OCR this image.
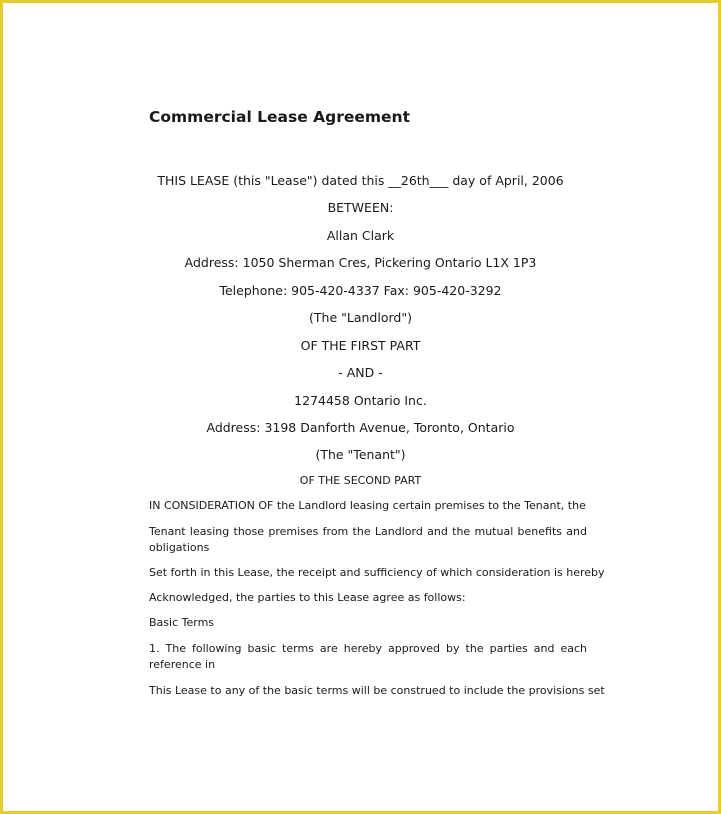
Commercial Lease Agreement
THIS LEASE (this "Lease") dated this __26th___ day of April, 2006
BETWEEN:
Allan Clark
Address: 1050 Sherman Cres, Pickering Ontario L1X 1P3
Telephone: 905-420-4337 Fax: 905-420-3292
(The "Landlord")
OF THE FIRST PART
- AND -
1274458 Ontario Inc.
Address: 3198 Danforth Avenue, Toronto, Ontario
(The "Tenant")
OF THE SECOND PART
IN CONSIDERATION OF the Landlord leasing certain premises to the Tenant, the
Tenant leasing those premises from the Landlord and the mutual benefits and obligations
Set forth in this Lease, the receipt and sufficiency of which consideration is hereby
Acknowledged, the parties to this Lease agree as follows:
Basic Terms
1. The following basic terms are hereby approved by the parties and each reference in
This Lease to any of the basic terms will be construed to include the provisions set
